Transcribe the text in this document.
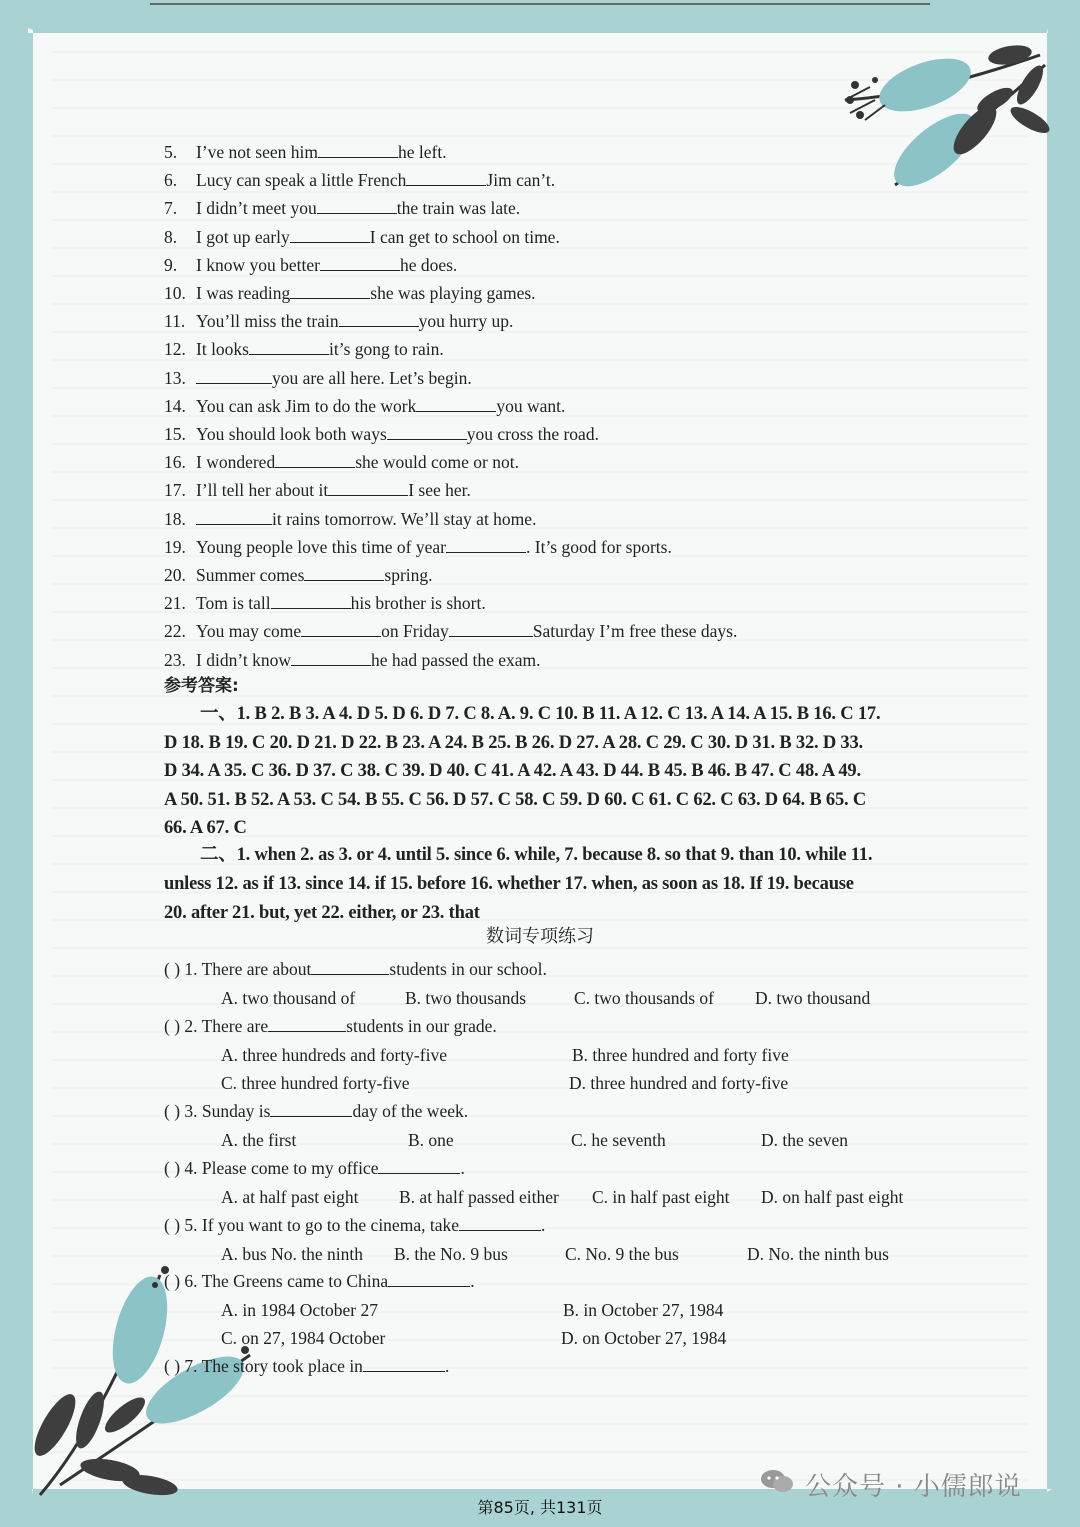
5. I’ve not seen him	he left.
6. Lucy can speak a little French	Jim can’t.
7. I didn’t meet you	the train was late.
8. I got up early	I can get to school on time.
9. I know you better	he does.
10. I was reading	she was playing games.
11. You’ll miss the train	you hurry up.
12. It looks	it’s gong to rain.
13.	you are all here. Let’s begin.
14. You can ask Jim to do the work	you want.
15. You should look both ways	you cross the road.
16. I wondered	she would come or not.
17. I’ll tell her about it	I see her.
18.	it rains tomorrow. We’ll stay at home.
19. Young people love this time of year	. It’s good for sports.
20. Summer comes	spring.
21. Tom is tall	his brother is short.
22. You may come	on Friday	Saturday I’m free these days.
23. I didn’t know	he had passed the exam.
参考答案:
一、1. B 2. B 3. A 4. D 5. D 6. D 7. C 8. A. 9. C 10. B 11. A 12. C 13. A 14. A 15. B 16. C 17.
D 18. B 19. C 20. D 21. D 22. B 23. A 24. B 25. B 26. D 27. A 28. C 29. C 30. D 31. B 32. D 33.
D 34. A 35. C 36. D 37. C 38. C 39. D 40. C 41. A 42. A 43. D 44. B 45. B 46. B 47. C 48. A 49.
A 50. 51. B 52. A 53. C 54. B 55. C 56. D 57. C 58. C 59. D 60. C 61. C 62. C 63. D 64. B 65. C
66. A 67. C
二、1. when 2. as 3. or 4. until 5. since 6. while, 7. because 8. so that 9. than 10. while 11.
unless 12. as if 13. since 14. if 15. before 16. whether 17. when, as soon as 18. If 19. because
20. after 21. but, yet 22. either, or 23. that
数词专项练习
( ) 1. There are about	students in our school.
A. two thousand of	B. two thousands	C. two thousands of D. two thousand
( ) 2. There are	students in our grade.
A. three hundreds and forty-five	B. three hundred and forty five
C. three hundred forty-five	D. three hundred and forty-five
( ) 3. Sunday is	day of the week.
A. the first	B. one	C. he seventh	D. the seven
( ) 4. Please come to my office	.
A. at half past eight B. at half passed either C. in half past eight D. on half past eight
( ) 5. If you want to go to the cinema, take	.
A. bus No. the ninth B. the No. 9 bus	C. No. 9 the bus	D. No. the ninth bus
( ) 6. The Greens came to China	.
A. in 1984 October 27	B. in October 27, 1984
C. on 27, 1984 October	D. on October 27, 1984
( ) 7. The story took place in	.
第85页, 共131页
公众号 · 小儒郎说
